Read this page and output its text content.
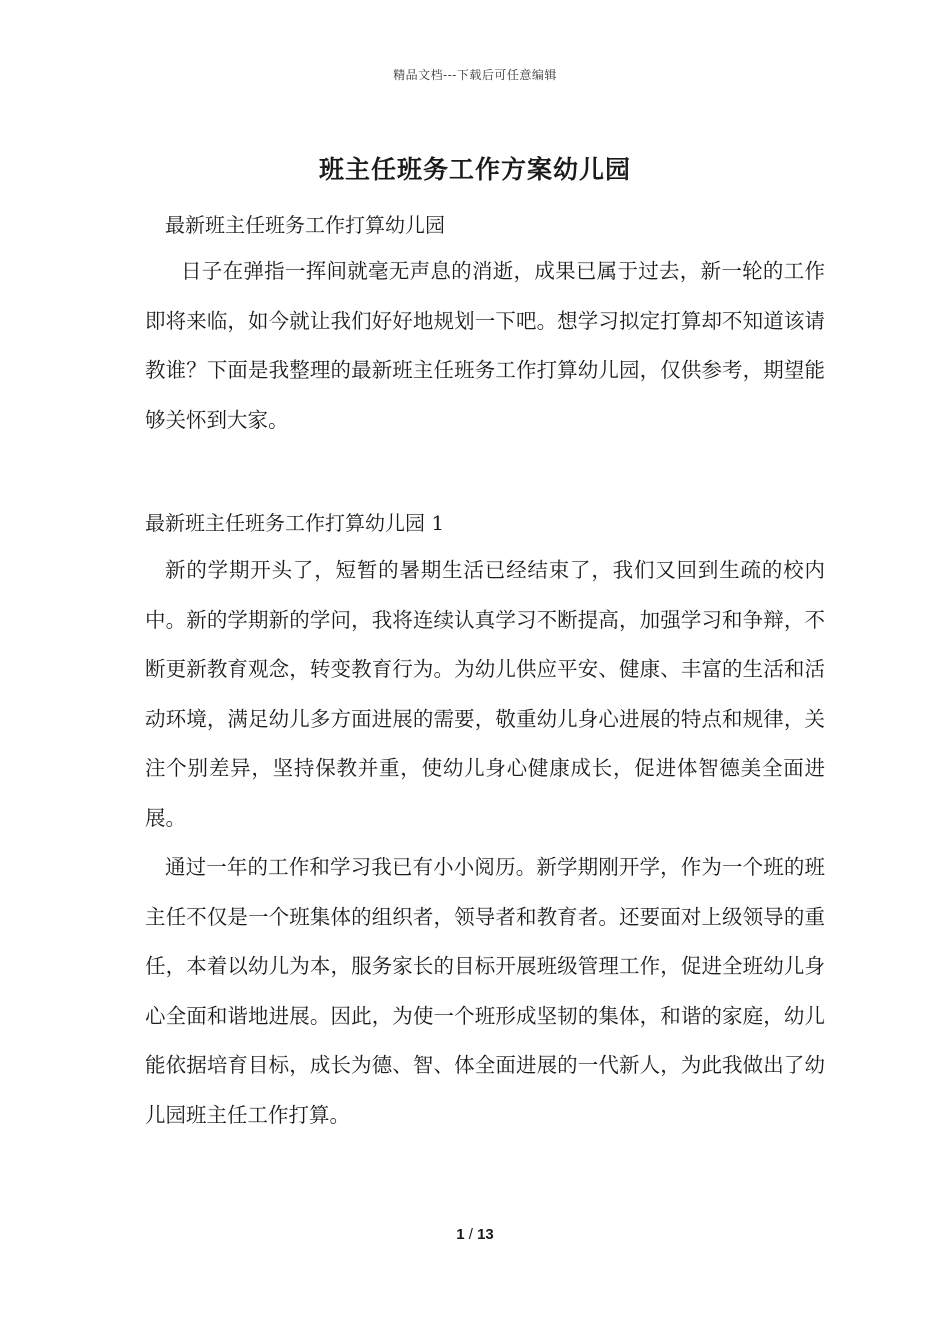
精品文档---下载后可任意编辑
班主任班务工作方案幼儿园
最新班主任班务工作打算幼儿园

日子在弹指一挥间就毫无声息的消逝，成果已属于过去，新一轮的工作即将来临，如今就让我们好好地规划一下吧。想学习拟定打算却不知道该请教谁？下面是我整理的最新班主任班务工作打算幼儿园，仅供参考，期望能够关怀到大家。

最新班主任班务工作打算幼儿园 1

新的学期开头了，短暂的暑期生活已经结束了，我们又回到生疏的校内中。新的学期新的学问，我将连续认真学习不断提高，加强学习和争辩，不断更新教育观念，转变教育行为。为幼儿供应平安、健康、丰富的生活和活动环境，满足幼儿多方面进展的需要，敬重幼儿身心进展的特点和规律，关注个别差异，坚持保教并重，使幼儿身心健康成长，促进体智德美全面进展。

通过一年的工作和学习我已有小小阅历。新学期刚开学，作为一个班的班主任不仅是一个班集体的组织者，领导者和教育者。还要面对上级领导的重任，本着以幼儿为本，服务家长的目标开展班级管理工作，促进全班幼儿身心全面和谐地进展。因此，为使一个班形成坚韧的集体，和谐的家庭，幼儿能依据培育目标，成长为德、智、体全面进展的一代新人，为此我做出了幼儿园班主任工作打算。

1 / 13
